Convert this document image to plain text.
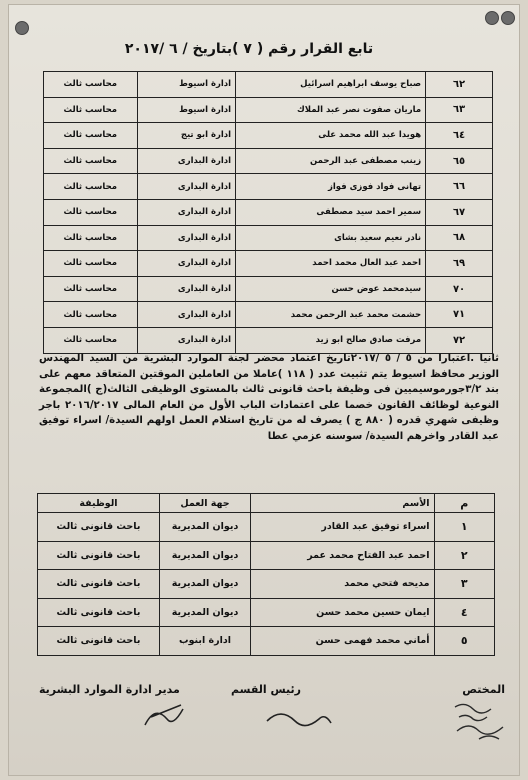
تابع القرار رقم ( ٧ )بتاريخ / ٦ /٢٠١٧
٦٢	صباح يوسف ابراهيم اسرائيل	ادارة اسيوط	محاسب ثالث
٦٣	ماريان صفوت نصر عبد الملاك	ادارة اسيوط	محاسب ثالث
٦٤	هويدا عبد الله محمد على	ادارة ابو تيج	محاسب ثالث
٦٥	زينب مصطفى عبد الرحمن	ادارة البدارى	محاسب ثالث
٦٦	تهانى فواد فوزى فواز	ادارة البدارى	محاسب ثالث
٦٧	سمير احمد سيد مصطفى	ادارة البدارى	محاسب ثالث
٦٨	نادر نعيم سعيد بشاى	ادارة البدارى	محاسب ثالث
٦٩	احمد عبد العال محمد احمد	ادارة البدارى	محاسب ثالث
٧٠	سيدمحمد عوض حسن	ادارة البدارى	محاسب ثالث
٧١	حشمت محمد عبد الرحمن محمد	ادارة البدارى	محاسب ثالث
٧٢	مرفت صادق صالح ابو زيد	ادارة البدارى	محاسب ثالث
ثانيا .اعتبارا من ٥ / ٥ /٢٠١٧تاريخ اعتماد محضر لجنة الموارد البشرية من السيد المهندس الوزير محافظ اسيوط يتم تثبيت عدد ( ١١٨ )عاملا من العاملين الموقتين المتعاقد معهم على بند ٣/٢جورموسيميين فى وظيفة باحث قانونى ثالث بالمستوى الوظيفى الثالث(ج )المجموعة النوعية لوظائف القانون خصما على اعتمادات الباب الأول من العام المالى ٢٠١٦/٢٠١٧ باجر وظيفى شهري قدره ( ٨٨٠ ج ) يصرف له من تاريخ استلام العمل اولهم السيدة/ اسراء توفيق عبد القادر واخرهم السيدة/ سوسنه عزمي عطا
م	الأسم	جهة العمل	الوظيفة
١	اسراء توفيق عبد القادر	ديوان المديرية	باحث قانونى ثالث
٢	احمد عبد الفتاح محمد عمر	ديوان المديرية	باحث قانونى ثالث
٣	مديحه فتحي محمد	ديوان المديرية	باحث قانونى ثالث
٤	ايمان حسين محمد حسن	ديوان المديرية	باحث قانونى ثالث
٥	أماني محمد فهمى حسن	ادارة ابنوب	باحث قانونى ثالث
المختص
رئيس القسم
مدير ادارة الموارد البشرية
